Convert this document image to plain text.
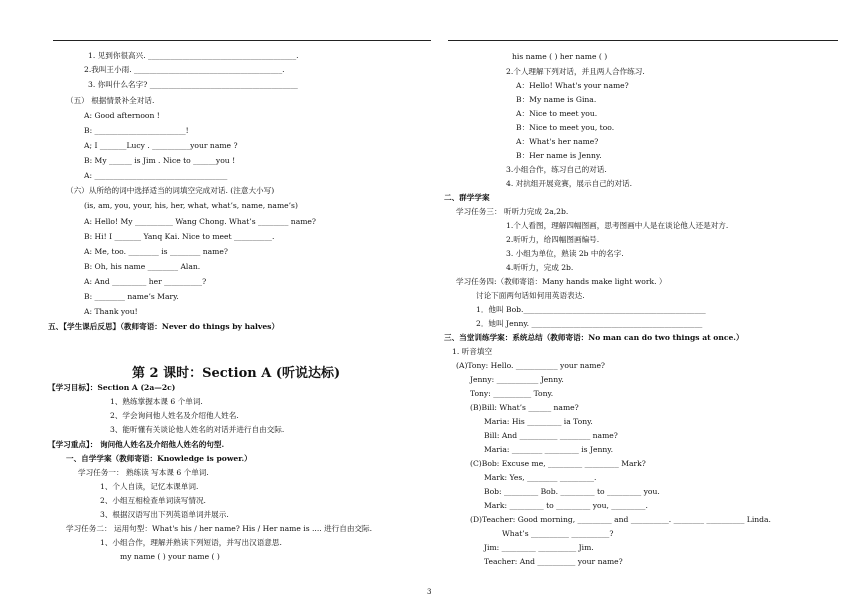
1. 见到你很高兴. _______________________________________.
2.我叫王小雨. _______________________________________.
3. 你叫什么名字? _______________________________________
（五） 根据情景补全对话.
A: Good afternoon !
B: ________________________!
A; I _______Lucy . __________your name ?
B: My ______ is Jim . Nice to ______you !
A: ___________________________________
（六）从所给的词中选择适当的词填空完成对话. (注意大小写)
(is, am, you, your, his, her, what, what’s, name, name’s)
A: Hello! My __________ Wang Chong. What’s ________ name?
B: Hi! I _______ Yanq Kai. Nice to meet __________.
A: Me, too. ________ is ________ name?
B: Oh, his name ________ Alan.
A: And _________ her __________?
B: ________ name’s Mary.
A: Thank you!
五、【学生课后反思】（教师寄语：Never do things by halves）
第 2 课时：Section A (听说达标)
【学习目标】：Section A (2a—2c)
1、熟练掌握本课 6 个单词.
2、学会询问他人姓名及介绍他人姓名.
3、能听懂有关谈论他人姓名的对话并进行自由交际.
【学习重点】： 询问他人姓名及介绍他人姓名的句型.
一、自学学案（教师寄语：Knowledge is power.）
学习任务一： 熟练读 写本课 6 个单词.
1、个人自读，记忆本课单词.
2、小组互相检查单词读写情况.
3、根据汉语写出下列英语单词并展示.
学习任务二： 运用句型：What's his / her name? His / Her name is .... 进行自由交际.
1、小组合作，理解并熟读下列短语，并写出汉语意思.
my name ( ) your name ( )
his name ( ) her name ( )
2.个人理解下列对话，并且两人合作练习.
A：Hello! What's your name?
B：My name is Gina.
A：Nice to meet you.
B：Nice to meet you, too.
A：What's her name?
B：Her name is Jenny.
3.小组合作，练习自己的对话.
4. 对抗组开展竞赛，展示自己的对话.
二、群学学案
学习任务三： 听听力完成 2a,2b.
1.个人看图，理解四幅图画，思考图画中人是在谈论他人还是对方.
2.听听力，给四幅图画编号.
3. 小组为单位，熟读 2b 中的名字.
4.听听力，完成 2b.
学习任务四:（教师寄语：Many hands make light work. ）
讨论下面两句话如何用英语表达.
1．他叫 Bob.________________________________________________
2．她叫 Jenny. _____________________________________________
三、当堂训练学案：系统总结（教师寄语：No man can do two things at once.）
1. 听音填空
(A)Tony: Hello. ___________ your name?
Jenny: ___________ Jenny.
Tony: __________ Tony.
(B)Bill: What’s ______ name?
Maria: His _________ ia Tony.
Bill: And __________ ________ name?
Maria: ________ _________ is Jenny.
(C)Bob: Excuse me, _________ _________ Mark?
Mark: Yes, ________ _________.
Bob: _________ Bob. _________ to _________ you.
Mark: _________ to _________ you, _________.
(D)Teacher: Good morning, _________ and __________. ________ __________ Linda.
What’s __________ __________?
Jim: _________ __________ Jim.
Teacher: And __________ your name?
3
